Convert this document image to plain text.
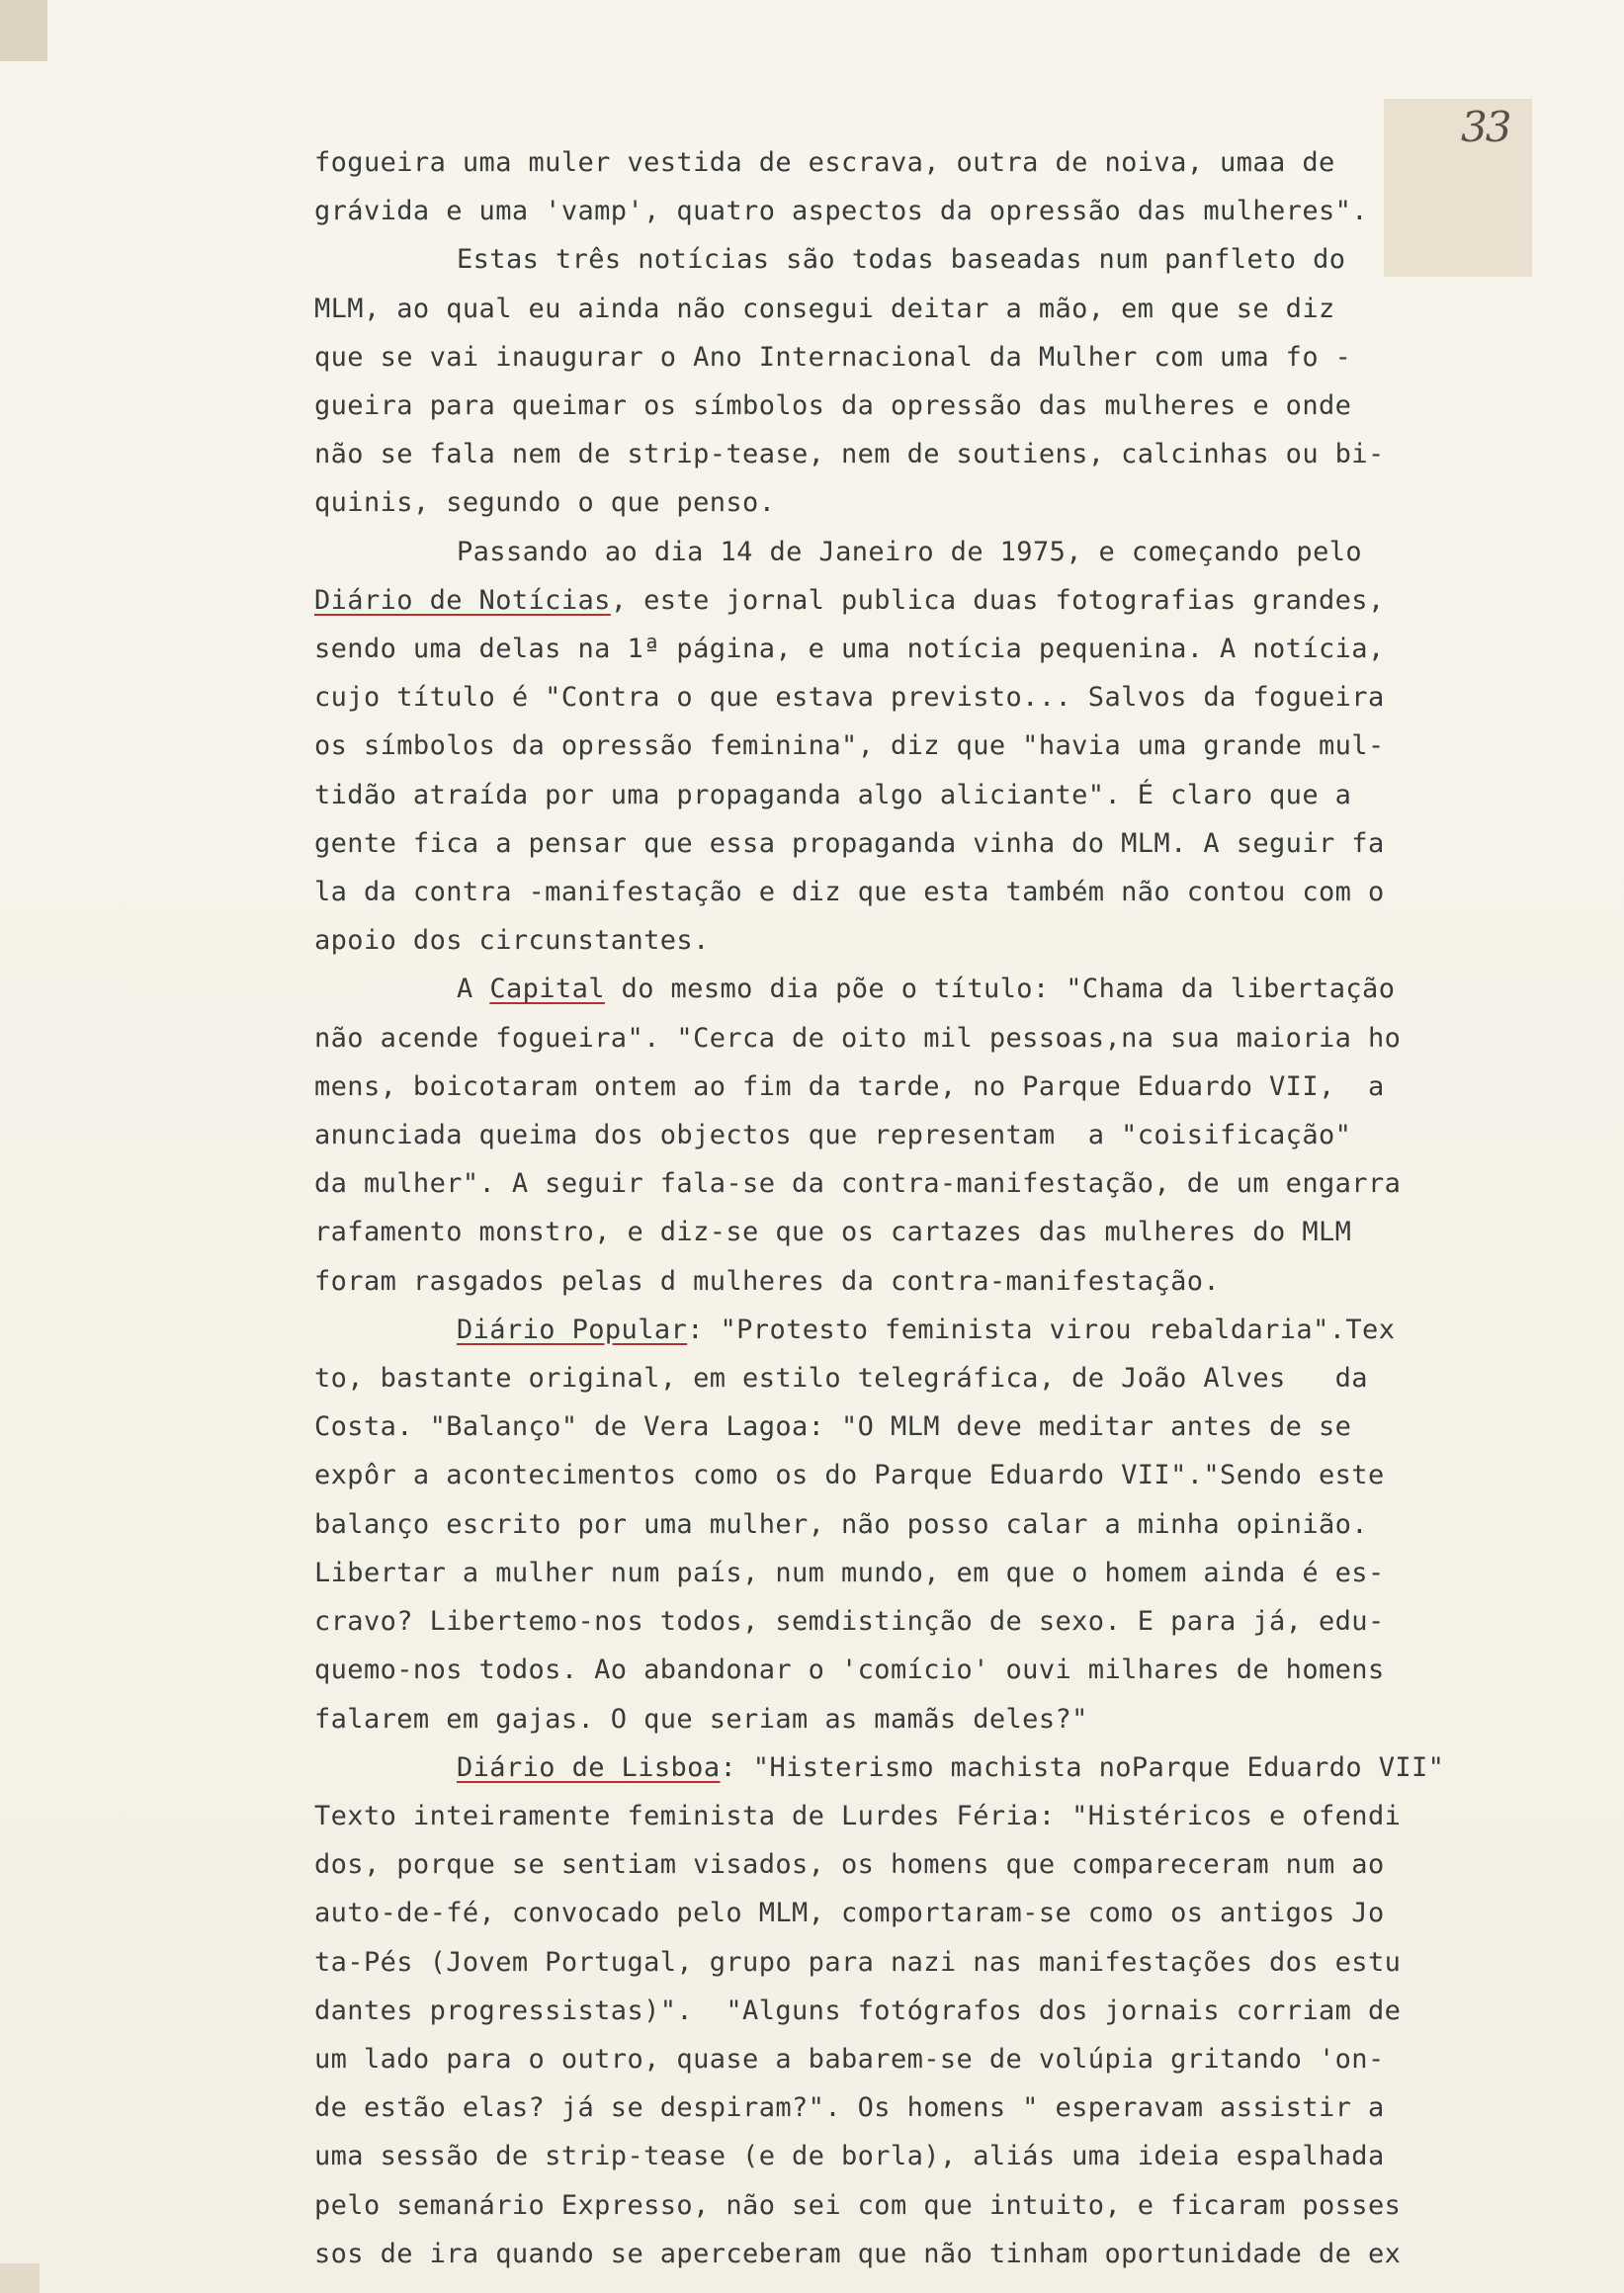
33
fogueira uma muler vestida de escrava, outra de noiva, umaa de
grávida e uma 'vamp', quatro aspectos da opressão das mulheres".
Estas três notícias são todas baseadas num panfleto do
MLM, ao qual eu ainda não consegui deitar a mão, em que se diz
que se vai inaugurar o Ano Internacional da Mulher com uma fo -
gueira para queimar os símbolos da opressão das mulheres e onde
não se fala nem de strip-tease, nem de soutiens, calcinhas ou bi-
quinis, segundo o que penso.
Passando ao dia 14 de Janeiro de 1975, e começando pelo
Diário de Notícias, este jornal publica duas fotografias grandes,
sendo uma delas na 1ª página, e uma notícia pequenina. A notícia,
cujo título é "Contra o que estava previsto... Salvos da fogueira
os símbolos da opressão feminina", diz que "havia uma grande mul-
tidão atraída por uma propaganda algo aliciante". É claro que a
gente fica a pensar que essa propaganda vinha do MLM. A seguir fa
la da contra -manifestação e diz que esta também não contou com o
apoio dos circunstantes.
A Capital do mesmo dia põe o título: "Chama da libertação
não acende fogueira". "Cerca de oito mil pessoas,na sua maioria ho
mens, boicotaram ontem ao fim da tarde, no Parque Eduardo VII,  a
anunciada queima dos objectos que representam  a "coisificação"
da mulher". A seguir fala-se da contra-manifestação, de um engarra
rafamento monstro, e diz-se que os cartazes das mulheres do MLM
foram rasgados pelas d mulheres da contra-manifestação.
Diário Popular: "Protesto feminista virou rebaldaria".Tex
to, bastante original, em estilo telegráfica, de João Alves   da
Costa. "Balanço" de Vera Lagoa: "O MLM deve meditar antes de se
expôr a acontecimentos como os do Parque Eduardo VII"."Sendo este
balanço escrito por uma mulher, não posso calar a minha opinião.
Libertar a mulher num país, num mundo, em que o homem ainda é es-
cravo? Libertemo-nos todos, semdistinção de sexo. E para já, edu-
quemo-nos todos. Ao abandonar o 'comício' ouvi milhares de homens
falarem em gajas. O que seriam as mamãs deles?"
Diário de Lisboa: "Histerismo machista noParque Eduardo VII"
Texto inteiramente feminista de Lurdes Féria: "Histéricos e ofendi
dos, porque se sentiam visados, os homens que compareceram num ao
auto-de-fé, convocado pelo MLM, comportaram-se como os antigos Jo
ta-Pés (Jovem Portugal, grupo para nazi nas manifestações dos estu
dantes progressistas)".  "Alguns fotógrafos dos jornais corriam de
um lado para o outro, quase a babarem-se de volúpia gritando 'on-
de estão elas? já se despiram?". Os homens " esperavam assistir a
uma sessão de strip-tease (e de borla), aliás uma ideia espalhada
pelo semanário Expresso, não sei com que intuito, e ficaram posses
sos de ira quando se aperceberam que não tinham oportunidade de ex
